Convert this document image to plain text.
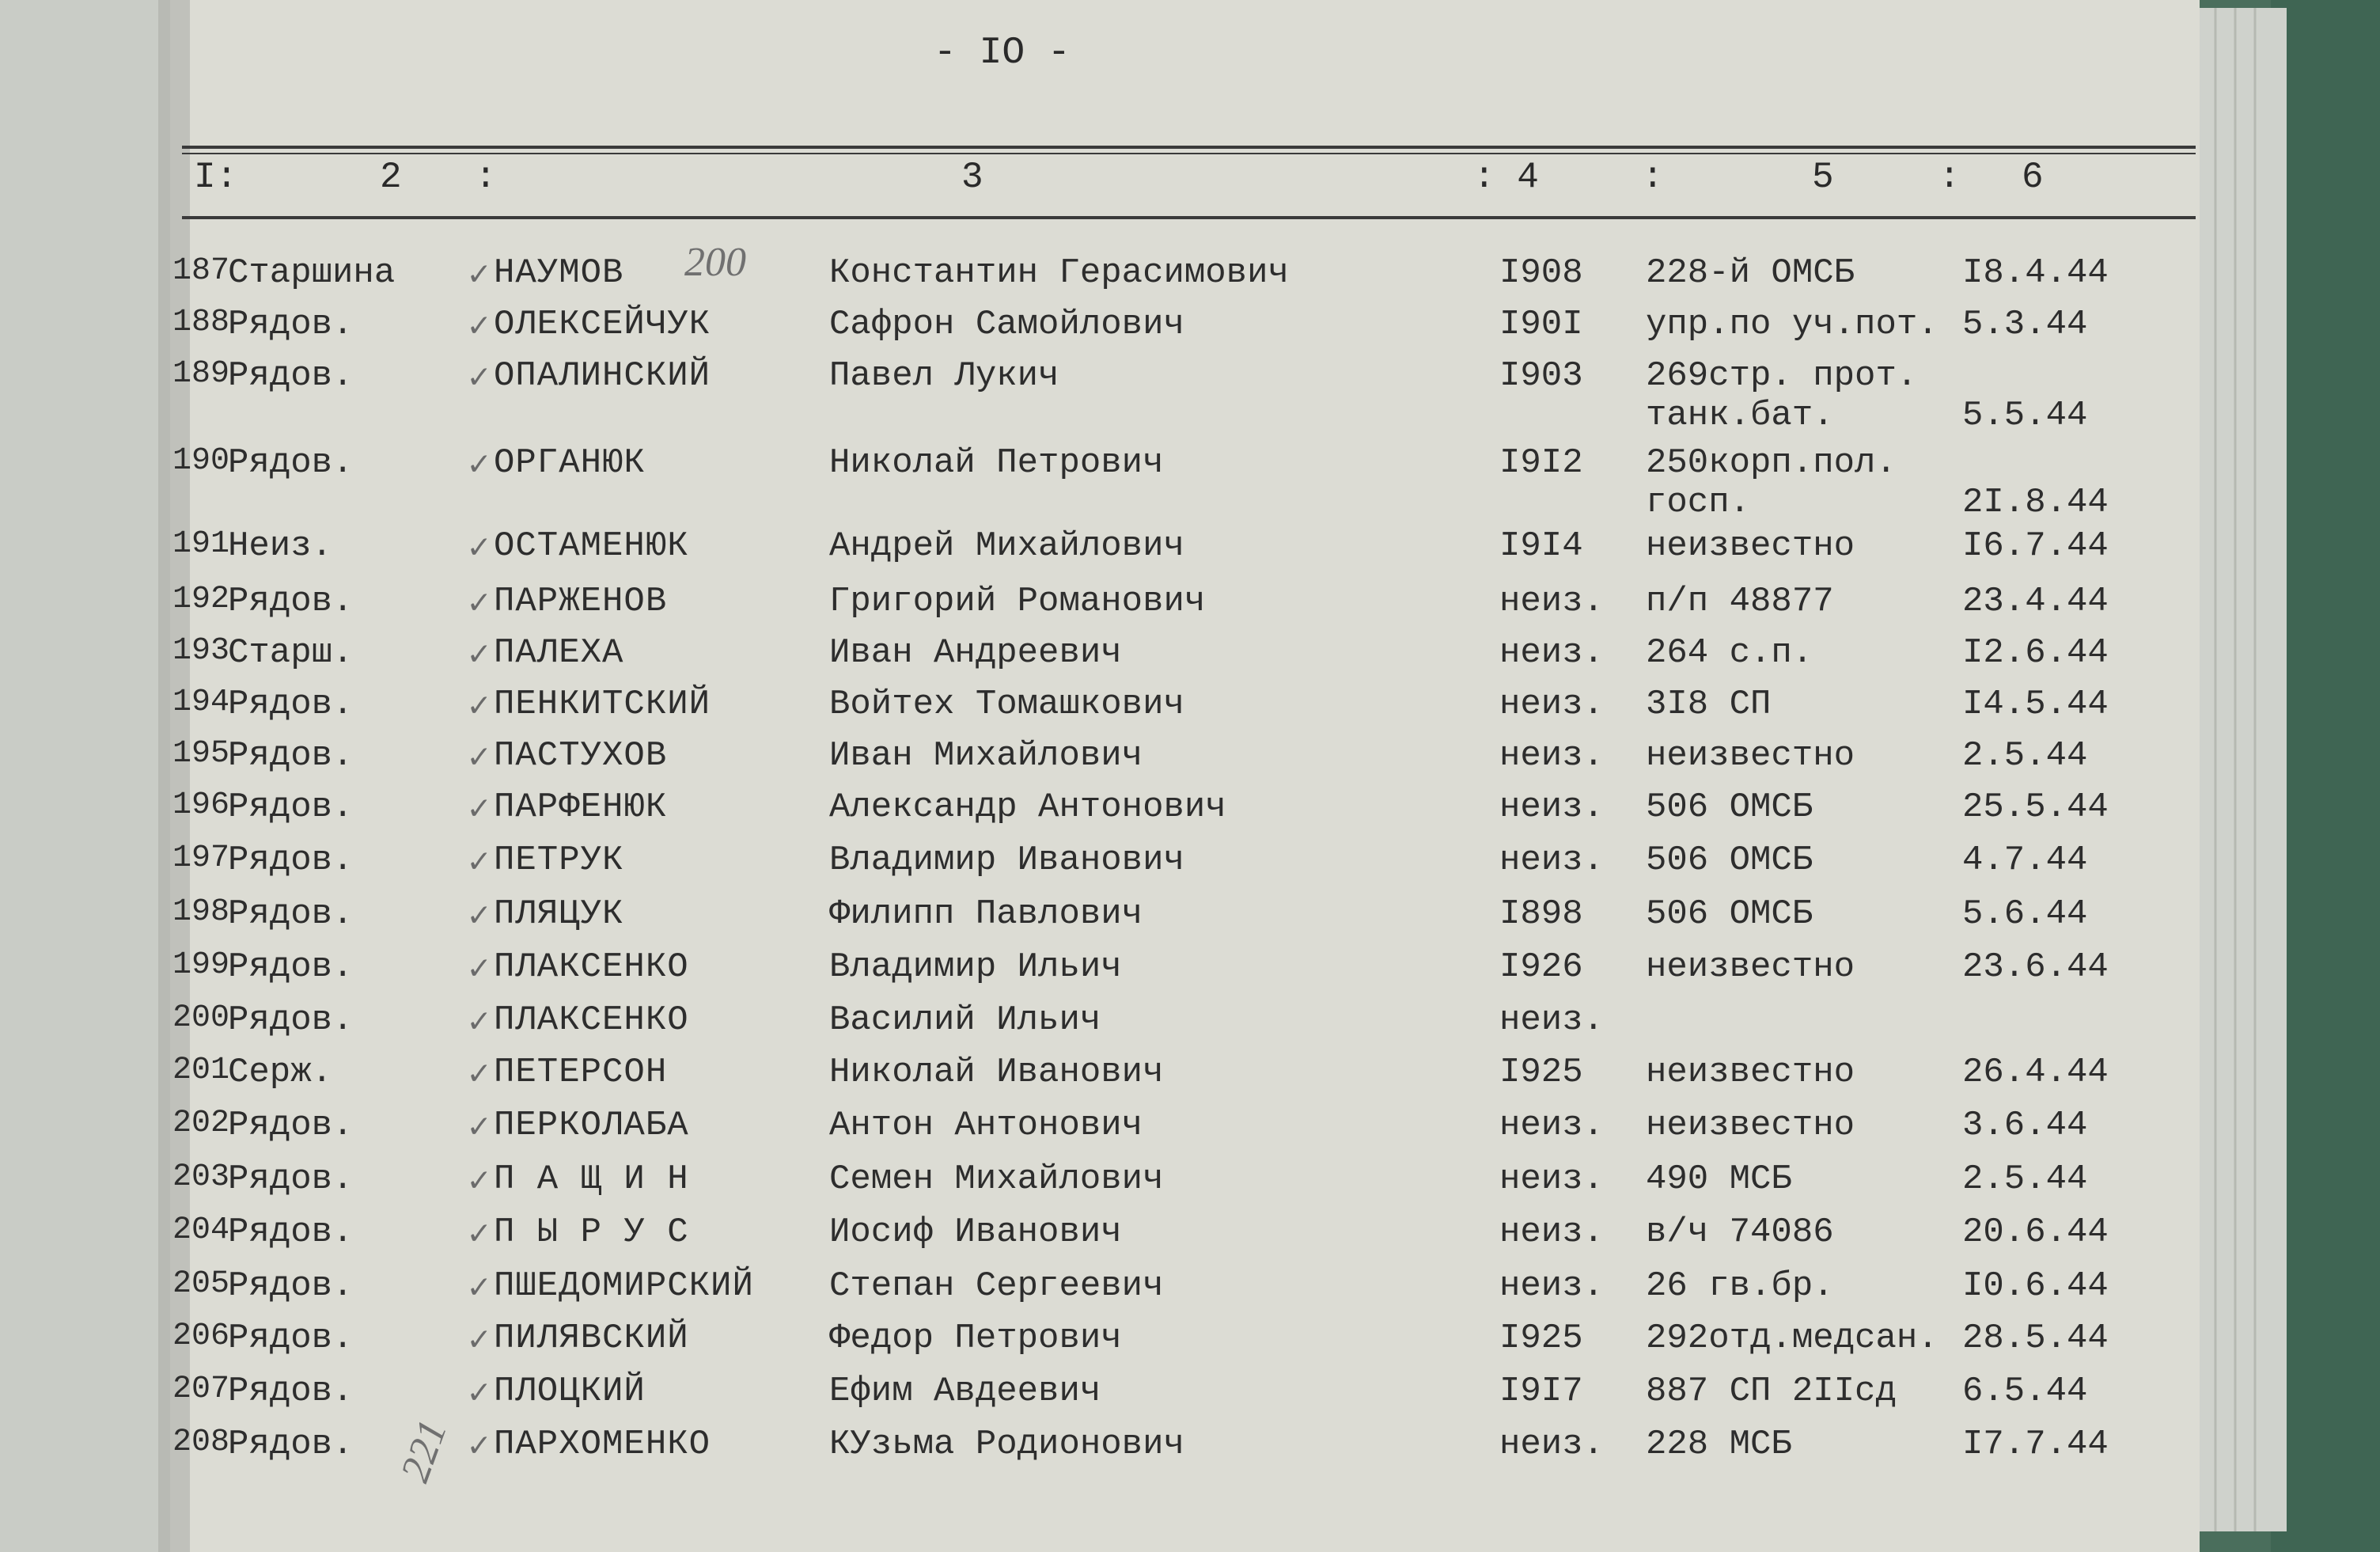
- IO -
I:	2 :	3	: 4	:	5	: 6
187
Старшина ✓ НАУМОВ	Константин Герасимович	I908 228-й ОМСБ	I8.4.44
188
Рядов.	✓ ОЛЕКСЕЙЧУК	Сафрон Самойлович	I90I упр.по уч.пот. 5.3.44
189
Рядов.	✓ ОПАЛИНСКИЙ	Павел Лукич	I903 269стр. прот.
танк.бат.	5.5.44
190
Рядов.	✓ ОРГАНЮК	Николай Петрович	I9I2 250корп.пол.
госп.	2I.8.44
191
Неиз.	✓ ОСТАМЕНЮК	Андрей Михайлович	I9I4 неизвестно	I6.7.44
192
Рядов.	✓ ПАРЖЕНОВ	Григорий Романович	неиз. п/п 48877	23.4.44
193
Старш.	✓ ПАЛЕХА	Иван Андреевич	неиз. 264 с.п.	I2.6.44
194
Рядов.	✓ ПЕНКИТСКИЙ	Войтех Томашкович	неиз. 3I8 СП	I4.5.44
195
Рядов.	✓ ПАСТУХОВ	Иван Михайлович	неиз. неизвестно	2.5.44
196
Рядов.	✓ ПАРФЕНЮК	Александр Антонович	неиз. 506 ОМСБ	25.5.44
197
Рядов.	✓ ПЕТРУК	Владимир Иванович	неиз. 506 ОМСБ	4.7.44
198
Рядов.	✓ ПЛЯЦУК	Филипп Павлович	I898 506 ОМСБ	5.6.44
199
Рядов.	✓ ПЛАКСЕНКО	Владимир Ильич	I926 неизвестно	23.6.44
200
Рядов.	✓ ПЛАКСЕНКО	Василий Ильич	неиз.
201
Серж.	✓ ПЕТЕРСОН	Николай Иванович	I925 неизвестно	26.4.44
202
Рядов.	✓ ПЕРКОЛАБА	Антон Антонович	неиз. неизвестно	3.6.44
203
Рядов.	✓ П А Щ И Н	Семен Михайлович	неиз. 490 МСБ	2.5.44
204
Рядов.	✓ П Ы Р У С	Иосиф Иванович	неиз. в/ч 74086	20.6.44
205
Рядов.	✓ ПШЕДОМИРСКИЙ Степан Сергеевич	неиз. 26 гв.бр.	I0.6.44
206
Рядов.	✓ ПИЛЯВСКИЙ	Федор Петрович	I925 292отд.медсан. 28.5.44
207
Рядов.	✓ ПЛОЦКИЙ	Ефим Авдеевич	I9I7 887 СП 2IIсд 6.5.44
208
Рядов.	✓ ПАРХОМЕНКО	КУзьма Родионович	неиз. 228 МСБ	I7.7.44
200
221
